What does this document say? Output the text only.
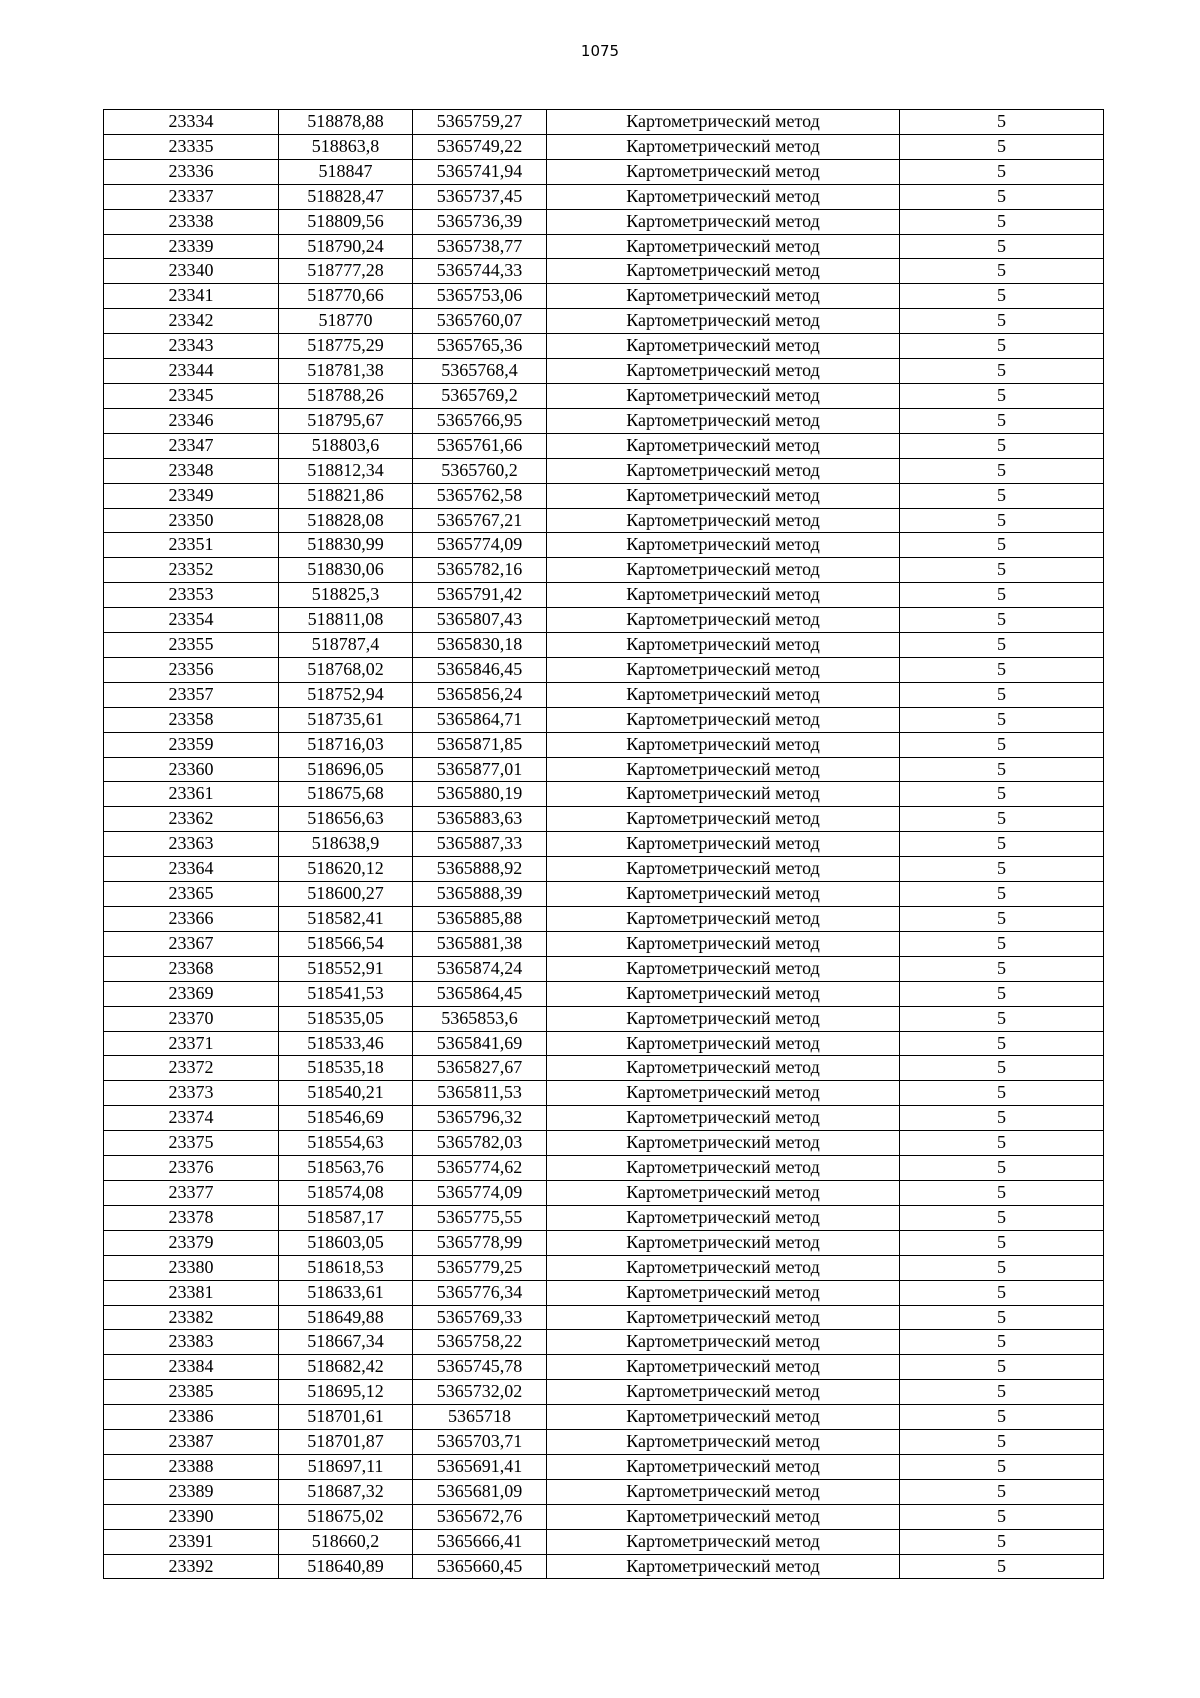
1075
23334	518878,88	5365759,27	Картометрический метод	5
23335	518863,8	5365749,22	Картометрический метод	5
23336	518847	5365741,94	Картометрический метод	5
23337	518828,47	5365737,45	Картометрический метод	5
23338	518809,56	5365736,39	Картометрический метод	5
23339	518790,24	5365738,77	Картометрический метод	5
23340	518777,28	5365744,33	Картометрический метод	5
23341	518770,66	5365753,06	Картометрический метод	5
23342	518770	5365760,07	Картометрический метод	5
23343	518775,29	5365765,36	Картометрический метод	5
23344	518781,38	5365768,4	Картометрический метод	5
23345	518788,26	5365769,2	Картометрический метод	5
23346	518795,67	5365766,95	Картометрический метод	5
23347	518803,6	5365761,66	Картометрический метод	5
23348	518812,34	5365760,2	Картометрический метод	5
23349	518821,86	5365762,58	Картометрический метод	5
23350	518828,08	5365767,21	Картометрический метод	5
23351	518830,99	5365774,09	Картометрический метод	5
23352	518830,06	5365782,16	Картометрический метод	5
23353	518825,3	5365791,42	Картометрический метод	5
23354	518811,08	5365807,43	Картометрический метод	5
23355	518787,4	5365830,18	Картометрический метод	5
23356	518768,02	5365846,45	Картометрический метод	5
23357	518752,94	5365856,24	Картометрический метод	5
23358	518735,61	5365864,71	Картометрический метод	5
23359	518716,03	5365871,85	Картометрический метод	5
23360	518696,05	5365877,01	Картометрический метод	5
23361	518675,68	5365880,19	Картометрический метод	5
23362	518656,63	5365883,63	Картометрический метод	5
23363	518638,9	5365887,33	Картометрический метод	5
23364	518620,12	5365888,92	Картометрический метод	5
23365	518600,27	5365888,39	Картометрический метод	5
23366	518582,41	5365885,88	Картометрический метод	5
23367	518566,54	5365881,38	Картометрический метод	5
23368	518552,91	5365874,24	Картометрический метод	5
23369	518541,53	5365864,45	Картометрический метод	5
23370	518535,05	5365853,6	Картометрический метод	5
23371	518533,46	5365841,69	Картометрический метод	5
23372	518535,18	5365827,67	Картометрический метод	5
23373	518540,21	5365811,53	Картометрический метод	5
23374	518546,69	5365796,32	Картометрический метод	5
23375	518554,63	5365782,03	Картометрический метод	5
23376	518563,76	5365774,62	Картометрический метод	5
23377	518574,08	5365774,09	Картометрический метод	5
23378	518587,17	5365775,55	Картометрический метод	5
23379	518603,05	5365778,99	Картометрический метод	5
23380	518618,53	5365779,25	Картометрический метод	5
23381	518633,61	5365776,34	Картометрический метод	5
23382	518649,88	5365769,33	Картометрический метод	5
23383	518667,34	5365758,22	Картометрический метод	5
23384	518682,42	5365745,78	Картометрический метод	5
23385	518695,12	5365732,02	Картометрический метод	5
23386	518701,61	5365718	Картометрический метод	5
23387	518701,87	5365703,71	Картометрический метод	5
23388	518697,11	5365691,41	Картометрический метод	5
23389	518687,32	5365681,09	Картометрический метод	5
23390	518675,02	5365672,76	Картометрический метод	5
23391	518660,2	5365666,41	Картометрический метод	5
23392	518640,89	5365660,45	Картометрический метод	5
